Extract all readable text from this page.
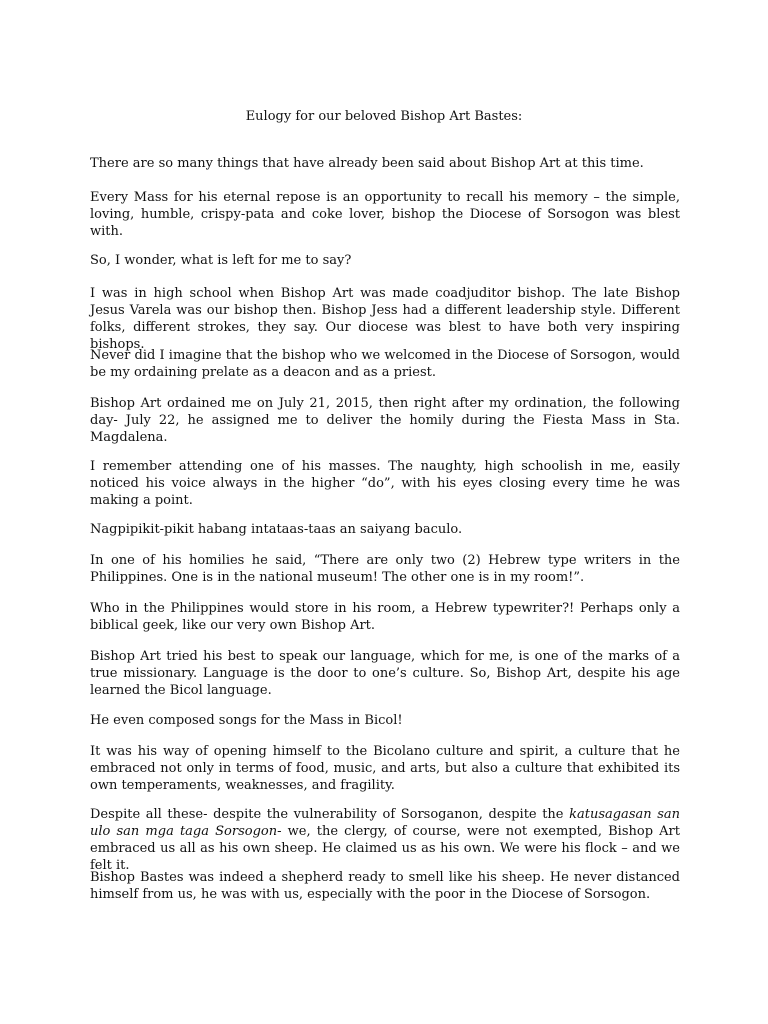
Eulogy for our beloved Bishop Art Bastes:

There are so many things that have already been said about Bishop Art at this time.

Every Mass for his eternal repose is an opportunity to recall his memory – the simple, loving, humble, crispy-pata and coke lover, bishop the Diocese of Sorsogon was blest with.

So, I wonder, what is left for me to say?

I was in high school when Bishop Art was made coadjuditor bishop. The late Bishop Jesus Varela was our bishop then. Bishop Jess had a different leadership style. Different folks, different strokes, they say. Our diocese was blest to have both very inspiring bishops.

Never did I imagine that the bishop who we welcomed in the Diocese of Sorsogon, would be my ordaining prelate as a deacon and as a priest.

Bishop Art ordained me on July 21, 2015, then right after my ordination, the following day- July 22, he assigned me to deliver the homily during the Fiesta Mass in Sta. Magdalena.

I remember attending one of his masses. The naughty, high schoolish in me, easily noticed his voice always in the higher “do”, with his eyes closing every time he was making a point.

Nagpipikit-pikit habang intataas-taas an saiyang baculo.

In one of his homilies he said, “There are only two (2) Hebrew type writers in the Philippines. One is in the national museum! The other one is in my room!”.

Who in the Philippines would store in his room, a Hebrew typewriter?! Perhaps only a biblical geek, like our very own Bishop Art.

Bishop Art tried his best to speak our language, which for me, is one of the marks of a true missionary. Language is the door to one’s culture. So, Bishop Art, despite his age learned the Bicol language.

He even composed songs for the Mass in Bicol!

It was his way of opening himself to the Bicolano culture and spirit, a culture that he embraced not only in terms of food, music, and arts, but also a culture that exhibited its own temperaments, weaknesses, and fragility.

Despite all these- despite the vulnerability of Sorsoganon, despite the katusagasan san ulo san mga taga Sorsogon- we, the clergy, of course, were not exempted, Bishop Art embraced us all as his own sheep. He claimed us as his own. We were his flock – and we felt it.

Bishop Bastes was indeed a shepherd ready to smell like his sheep. He never distanced himself from us, he was with us, especially with the poor in the Diocese of Sorsogon.
